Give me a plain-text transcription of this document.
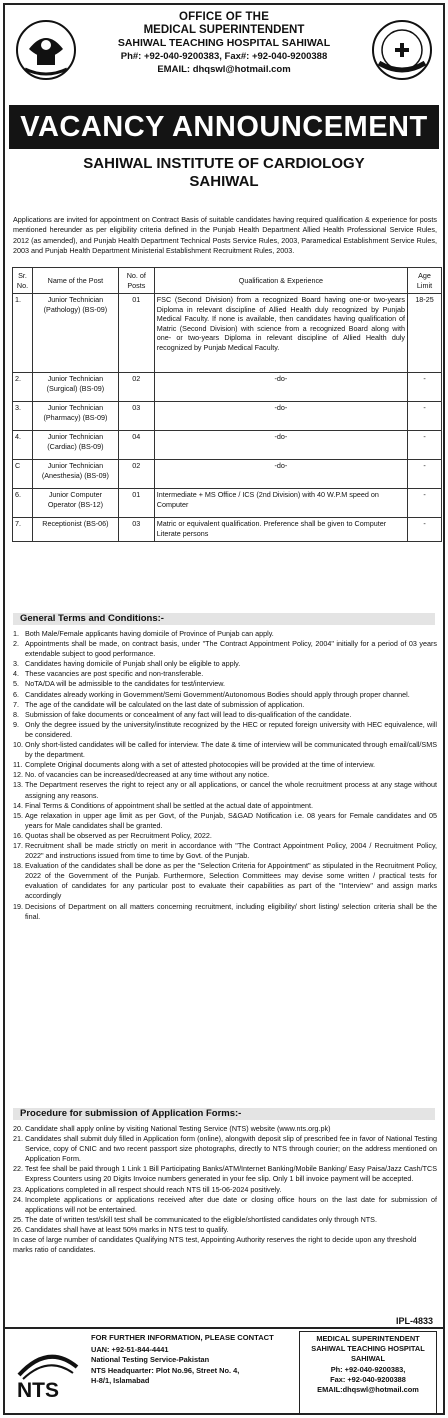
OFFICE OF THE
MEDICAL SUPERINTENDENT
SAHIWAL TEACHING HOSPITAL SAHIWAL
Ph#: +92-040-9200383, Fax#: +92-040-9200388
EMAIL: dhqswl@hotmail.com
VACANCY ANNOUNCEMENT
SAHIWAL INSTITUTE OF CARDIOLOGY
SAHIWAL
Applications are invited for appointment on Contract Basis of suitable candidates having required qualification & experience for posts mentioned hereunder as per eligibility criteria defined in the Punjab Health Department Allied Health Professional Service Rules, 2012 (as amended), and Punjab Health Department Technical Posts Service Rules, 2003, Paramedical Establishment Service Rules, 2003 and Punjab Health Department Ministerial Establishment Recruitment Rules, 2003.
Sr. No.	Name of the Post	No. of Posts	Qualification & Experience	Age Limit
1.	Junior Technician (Pathology) (BS-09)	01	FSC (Second Division) from a recognized Board having one-or two-years Diploma in relevant discipline of Allied Health duly recognized by Punjab Medical Faculty. If none is available, then candidates having qualification of Matric (Second Division) with science from a recognized Board along with one- or two-years Diploma in relevant discipline of Allied Health duly recognized by Punjab Medical Faculty.	18-25
2.	Junior Technician (Surgical) (BS-09)	02	-do-	-
3.	Junior Technician (Pharmacy) (BS-09)	03	-do-	-
4.	Junior Technician (Cardiac) (BS-09)	04	-do-	-
C	Junior Technician (Anesthesia) (BS-09)	02	-do-	-
6.	Junior Computer Operator (BS-12)	01	Intermediate + MS Office / ICS (2nd Division) with 40 W.P.M speed on Computer	-
7.	Receptionist (BS-06)	03	Matric or equivalent qualification. Preference shall be given to Computer Literate persons	-
General Terms and Conditions:-
1. Both Male/Female applicants having domicile of Province of Punjab can apply.
2. Appointments shall be made, on contract basis, under "The Contract Appointment Policy, 2004" initially for a period of 03 years extendable subject to good performance.
3. Candidates having domicile of Punjab shall only be eligible to apply.
4. These vacancies are post specific and non-transferable.
5. NoTA/DA will be admissible to the candidates for test/interview.
6. Candidates already working in Government/Semi Government/Autonomous Bodies should apply through proper channel.
7. The age of the candidate will be calculated on the last date of submission of application.
8. Submission of fake documents or concealment of any fact will lead to dis-qualification of the candidate.
9. Only the degree issued by the university/institute recognized by the HEC or reputed foreign university with HEC equivalence, will be considered.
10. Only short-listed candidates will be called for interview. The date & time of interview will be communicated through email/call/SMS by the department.
11. Complete Original documents along with a set of attested photocopies will be provided at the time of interview.
12. No. of vacancies can be increased/decreased at any time without any notice.
13. The Department reserves the right to reject any or all applications, or cancel the whole recruitment process at any stage without assigning any reasons.
14. Final Terms & Conditions of appointment shall be settled at the actual date of appointment.
15. Age relaxation in upper age limit as per Govt, of the Punjab, S&GAD Notification i.e. 08 years for Female candidates and 05 years for Male candidates shall be granted.
16. Quotas shall be observed as per Recruitment Policy, 2022.
17. Recruitment shall be made strictly on merit in accordance with "The Contract Appointment Policy, 2004 / Recruitment Policy, 2022" and instructions issued from time to time by Govt. of the Punjab.
18. Evaluation of the candidates shall be done as per the "Selection Criteria for Appointment" as stipulated in the Recruitment Policy, 2022 of the Government of the Punjab. Furthermore, Selection Committees may devise some written / practical tests for evaluation of candidates for any particular post to evaluate their capabilities as part of the "Interview" and assign marks accordingly
19. Decisions of Department on all matters concerning recruitment, including eligibility/ short listing/ selection criteria shall be the final.
Procedure for submission of Application Forms:-
20. Candidate shall apply online by visiting National Testing Service (NTS) website (www.nts.org.pk)
21. Candidates shall submit duly filled in Application form (online), alongwith deposit slip of prescribed fee in favor of National Testing Service, copy of CNIC and two recent passport size photographs, directly to NTS through courier; on the address mentioned on Application Form.
22. Test fee shall be paid through 1 Link 1 Bill Participating Banks/ATM/Internet Banking/Mobile Banking/ Easy Paisa/Jazz Cash/TCS Express Counters using 20 Digits Invoice numbers generated in your fee slip. Only 1 bill invoice payment will be accepted.
23. Applications completed in all respect should reach NTS till 15-06-2024 positively.
24. Incomplete applications or applications received after due date or closing office hours on the last date for submission of applications will not be entertained.
25. The date of written test/skill test shall be communicated to the eligible/shortlisted candidates only through NTS.
26. Candidates shall have at least 50% marks in NTS test to qualify.
In case of large number of candidates Qualifying NTS test, Appointing Authority reserves the right to decide upon any threshold marks ratio of candidates.
IPL-4833
NTS
FOR FURTHER INFORMATION, PLEASE CONTACT
UAN: +92-51-844-4441
National Testing Service-Pakistan
NTS Headquarter: Plot No.96, Street No. 4,
H-8/1, Islamabad
MEDICAL SUPERINTENDENT
SAHIWAL TEACHING HOSPITAL
SAHIWAL
Ph: +92-040-9200383,
Fax: +92-040-9200388
EMAIL:dhqswl@hotmail.com
